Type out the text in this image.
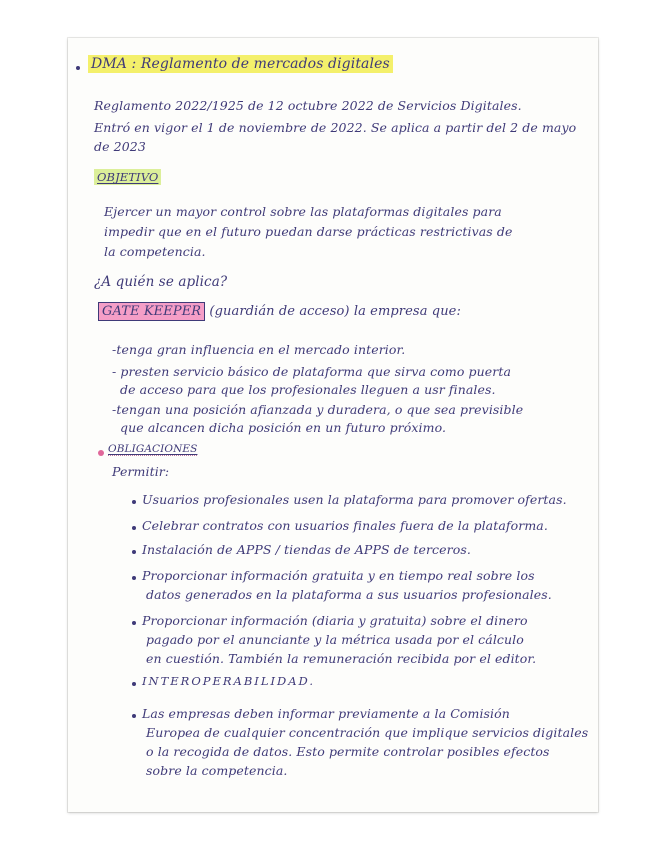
DMA : Reglamento de mercados digitales
Reglamento 2022/1925 de 12 octubre 2022 de Servicios Digitales.
Entró en vigor el 1 de noviembre de 2022. Se aplica a partir del 2 de mayo
de 2023
OBJETIVO
Ejercer un mayor control sobre las plataformas digitales para
impedir que en el futuro puedan darse prácticas restrictivas de
la competencia.
¿A quién se aplica?
GATE KEEPER (guardián de acceso) la empresa que:
-tenga gran influencia en el mercado interior.
- presten servicio básico de plataforma que sirva como puerta
de acceso para que los profesionales lleguen a usr finales.
-tengan una posición afianzada y duradera, o que sea previsible
que alcancen dicha posición en un futuro próximo.
OBLIGACIONES
Permitir:
Usuarios profesionales usen la plataforma para promover ofertas.
Celebrar contratos con usuarios finales fuera de la plataforma.
Instalación de APPS / tiendas de APPS de terceros.
Proporcionar información gratuita y en tiempo real sobre los
datos generados en la plataforma a sus usuarios profesionales.
Proporcionar información (diaria y gratuita) sobre el dinero
pagado por el anunciante y la métrica usada por el cálculo
en cuestión. También la remuneración recibida por el editor.
INTEROPERABILIDAD.
Las empresas deben informar previamente a la Comisión
Europea de cualquier concentración que implique servicios digitales
o la recogida de datos. Esto permite controlar posibles efectos
sobre la competencia.
